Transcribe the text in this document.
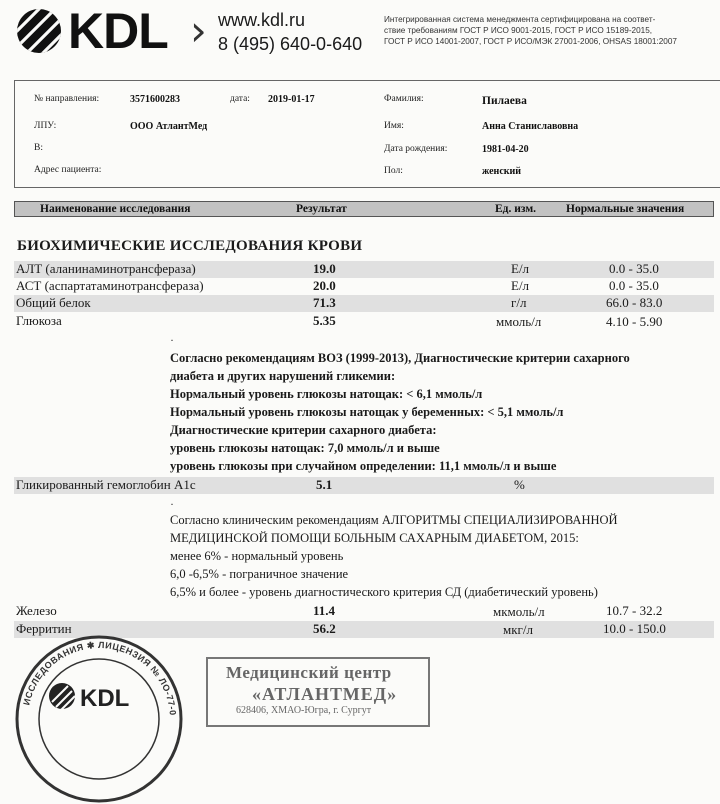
KDL › www.kdl.ru
8 (495) 640-0-640
Интегрированная система менеджмента сертифицирована на соответ-
ствие требованиям ГОСТ Р ИСО 9001-2015, ГОСТ Р ИСО 15189-2015,
ГОСТ Р ИСО 14001-2007, ГОСТ Р ИСО/МЭК 27001-2006, OHSAS 18001:2007
№ направления:	3571600283	дата: 2019-01-17
ЛПУ:	ООО АтлантМед
В:
Адрес пациента:
Фамилия:	Пилаева
Имя:	Анна Станиславовна
Дата рождения:	1981-04-20
Пол:	женский
Наименование исследования	Результат	Ед. изм.	Нормальные значения
БИОХИМИЧЕСКИЕ ИССЛЕДОВАНИЯ КРОВИ
АЛТ (аланинаминотрансфераза)	19.0	Е/л	0.0 - 35.0
АСТ (аспартатаминотрансфераза)	20.0	Е/л	0.0 - 35.0
Общий белок	71.3	г/л	66.0 - 83.0
Глюкоза	5.35	ммоль/л	4.10 - 5.90
·
Согласно рекомендациям ВОЗ (1999-2013), Диагностические критерии сахарного
диабета и других нарушений гликемии:
Нормальный уровень глюкозы натощак: < 6,1 ммоль/л
Нормальный уровень глюкозы натощак у беременных: < 5,1 ммоль/л
Диагностические критерии сахарного диабета:
уровень глюкозы натощак: 7,0 ммоль/л и выше
уровень глюкозы при случайном определении: 11,1 ммоль/л и выше
Гликированный гемоглобин A1c	5.1	%
·
Согласно клиническим рекомендациям АЛГОРИТМЫ СПЕЦИАЛИЗИРОВАННОЙ
МЕДИЦИНСКОЙ ПОМОЩИ БОЛЬНЫМ САХАРНЫМ ДИАБЕТОМ, 2015:
менее 6% - нормальный уровень
6,0 -6,5% - пограничное значение
6,5% и более - уровень диагностического критерия СД (диабетический уровень)
Железо	11.4	мкмоль/л	10.7 - 32.2
Ферритин	56.2	мкг/л	10.0 - 150.0
ИССЛЕДОВАНИЯ ✱ ЛИЦЕНЗИЯ № ЛО-77-0
KDL
Медицинский центр
«АТЛАНТМЕД»
628406, ХМАО-Югра, г. Сургут
